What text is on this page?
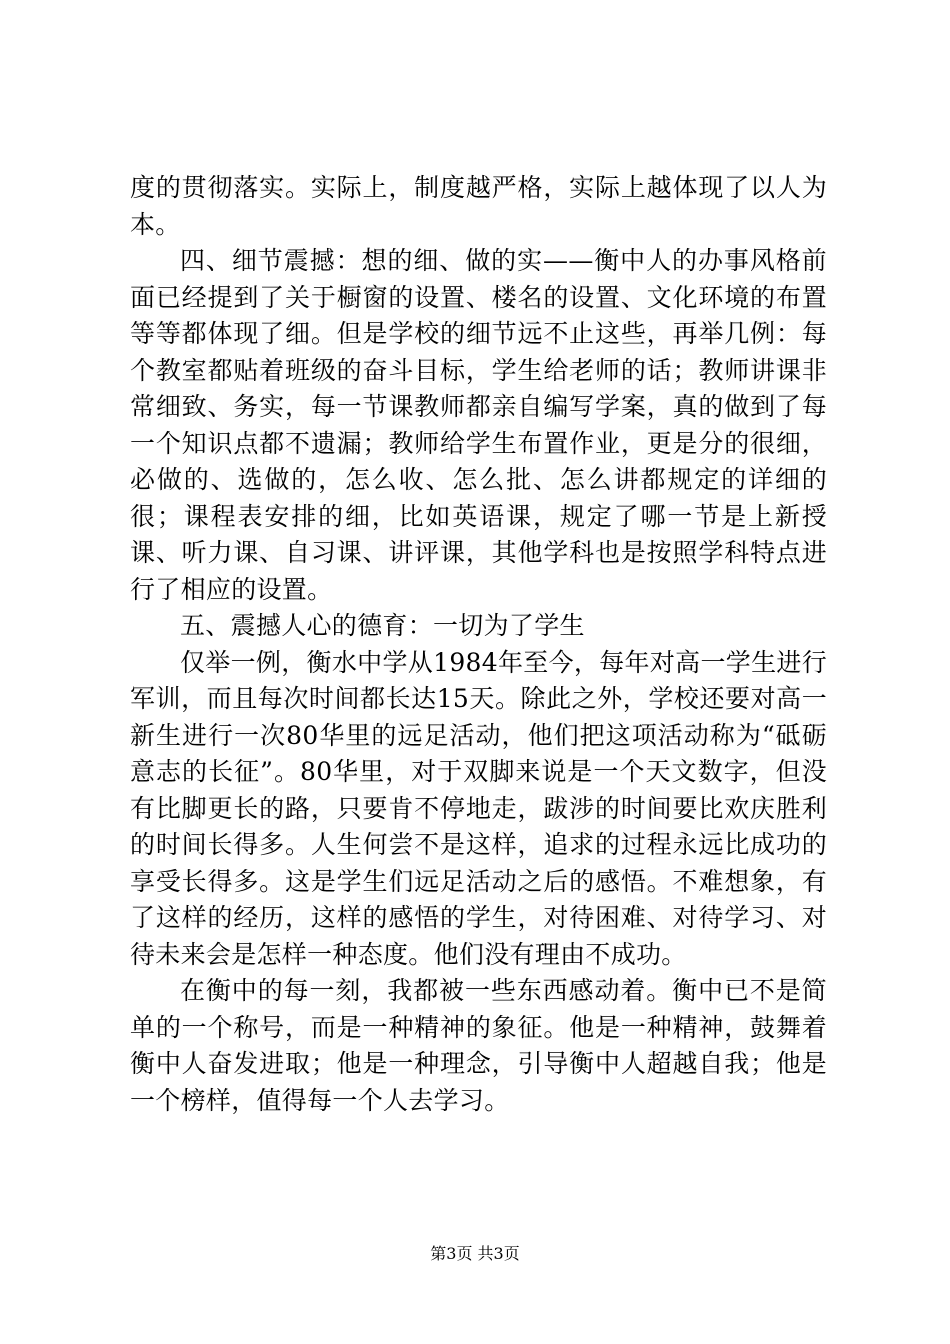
度的贯彻落实。实际上，制度越严格，实际上越体现了以人为本。

四、细节震撼：想的细、做的实——衡中人的办事风格前面已经提到了关于橱窗的设置、楼名的设置、文化环境的布置等等都体现了细。但是学校的细节远不止这些，再举几例：每个教室都贴着班级的奋斗目标，学生给老师的话；教师讲课非常细致、务实，每一节课教师都亲自编写学案，真的做到了每一个知识点都不遗漏；教师给学生布置作业，更是分的很细，必做的、选做的，怎么收、怎么批、怎么讲都规定的详细的很；课程表安排的细，比如英语课，规定了哪一节是上新授课、听力课、自习课、讲评课，其他学科也是按照学科特点进行了相应的设置。

五、震撼人心的德育：一切为了学生

仅举一例，衡水中学从1984年至今，每年对高一学生进行军训，而且每次时间都长达15天。除此之外，学校还要对高一新生进行一次80华里的远足活动，他们把这项活动称为“砥砺意志的长征”。80华里，对于双脚来说是一个天文数字，但没有比脚更长的路，只要肯不停地走，跋涉的时间要比欢庆胜利的时间长得多。人生何尝不是这样，追求的过程永远比成功的享受长得多。这是学生们远足活动之后的感悟。不难想象，有了这样的经历，这样的感悟的学生，对待困难、对待学习、对待未来会是怎样一种态度。他们没有理由不成功。

在衡中的每一刻，我都被一些东西感动着。衡中已不是简单的一个称号，而是一种精神的象征。他是一种精神，鼓舞着衡中人奋发进取；他是一种理念，引导衡中人超越自我；他是一个榜样，值得每一个人去学习。

第3页 共3页
